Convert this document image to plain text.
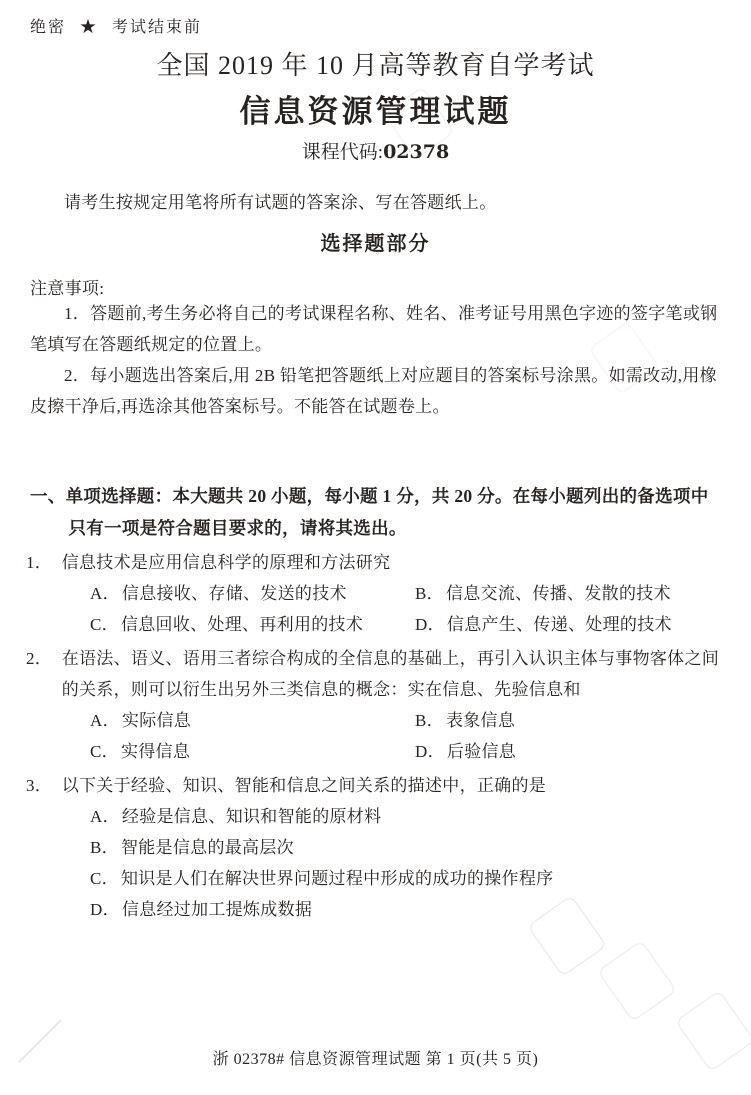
绝密 ★ 考试结束前
全国 2019 年 10 月高等教育自学考试
信息资源管理试题
课程代码:02378

请考生按规定用笔将所有试题的答案涂、写在答题纸上。

选择题部分
注意事项:

1．答题前,考生务必将自己的考试课程名称、姓名、准考证号用黑色字迹的签字笔或钢笔填写在答题纸规定的位置上。

2．每小题选出答案后,用 2B 铅笔把答题纸上对应题目的答案标号涂黑。如需改动,用橡皮擦干净后,再选涂其他答案标号。不能答在试题卷上。

一、单项选择题：本大题共 20 小题，每小题 1 分，共 20 分。在每小题列出的备选项中只有一项是符合题目要求的，请将其选出。
1． 信息技术是应用信息科学的原理和方法研究
A． 信息接收、存储、发送的技术	B． 信息交流、传播、发散的技术
C． 信息回收、处理、再利用的技术	D． 信息产生、传递、处理的技术
2． 在语法、语义、语用三者综合构成的全信息的基础上，再引入认识主体与事物客体之间的关系，则可以衍生出另外三类信息的概念：实在信息、先验信息和
A． 实际信息	B． 表象信息
C． 实得信息	D． 后验信息
3． 以下关于经验、知识、智能和信息之间关系的描述中，正确的是
A． 经验是信息、知识和智能的原材料
B． 智能是信息的最高层次
C． 知识是人们在解决世界问题过程中形成的成功的操作程序
D． 信息经过加工提炼成数据
浙 02378# 信息资源管理试题 第 1 页(共 5 页)
